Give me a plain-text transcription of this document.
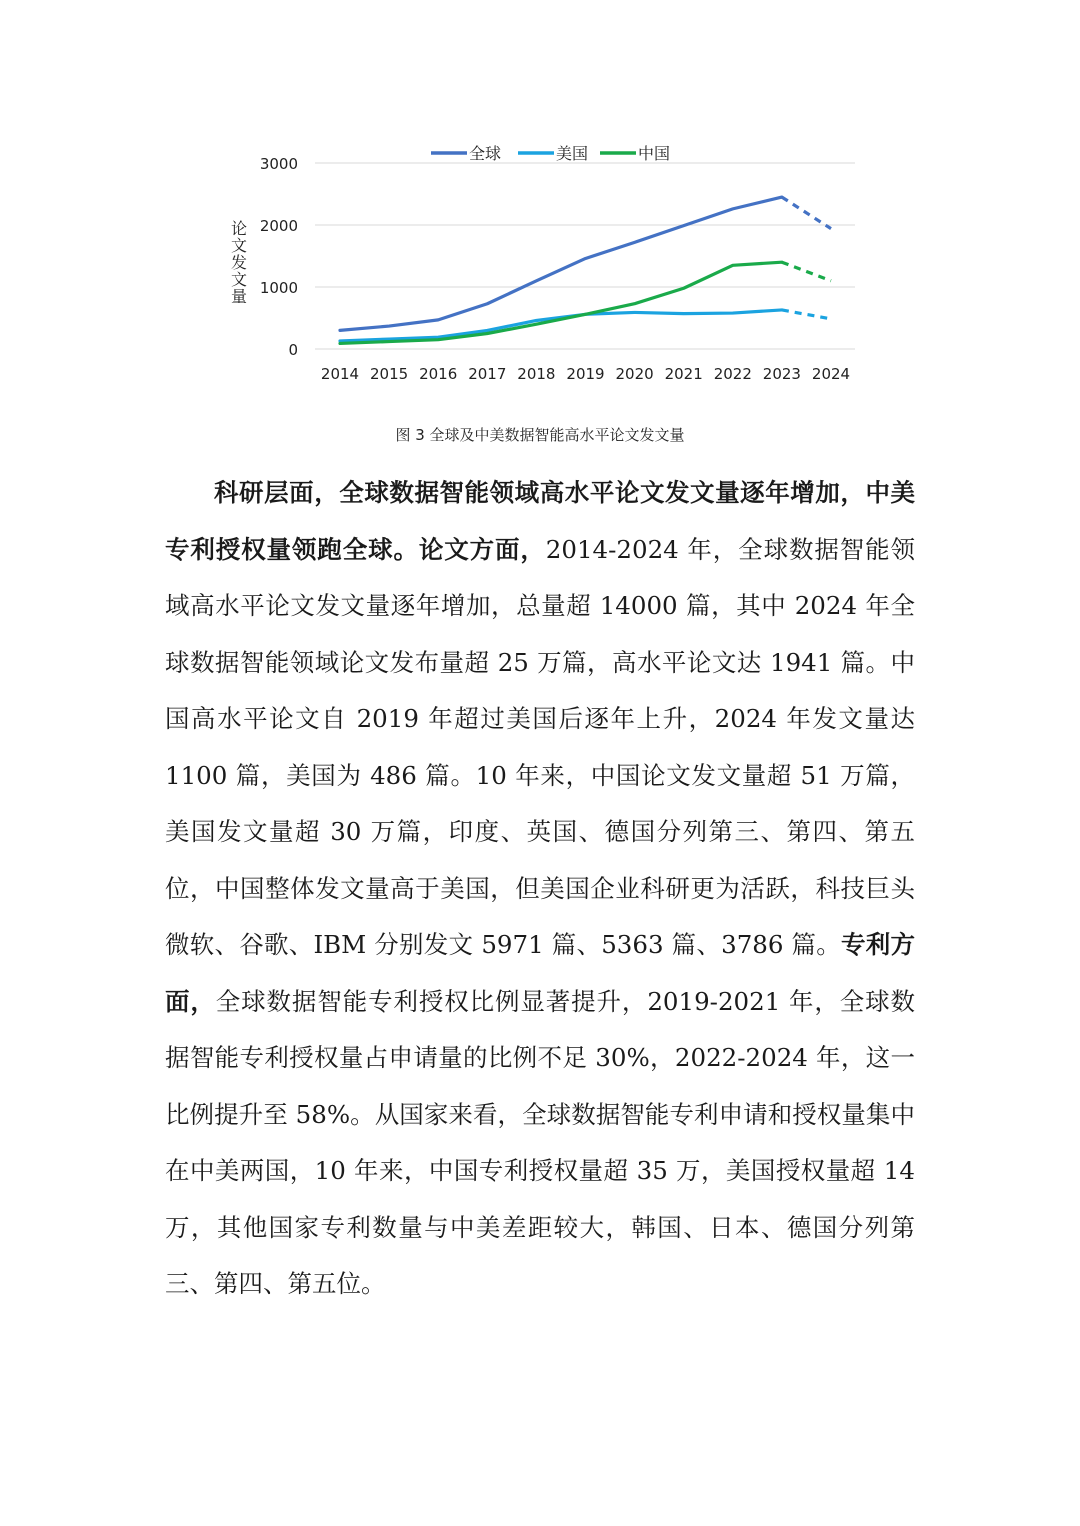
全球	美国	中国
0
1000
2000
3000
论文发文量
2014 2015 2016 2017 2018 2019 2020 2021 2022 2023 2024
图 3 全球及中美数据智能高水平论文发文量
科研层面，全球数据智能领域高水平论文发文量逐年增加，中美专利授权量领跑全球。论文方面，2014-2024 年，全球数据智能领域高水平论文发文量逐年增加，总量超 14000 篇，其中 2024 年全球数据智能领域论文发布量超 25 万篇，高水平论文达 1941 篇。中国高水平论文自 2019 年超过美国后逐年上升，2024 年发文量达 1100 篇，美国为 486 篇。10 年来，中国论文发文量超 51 万篇，美国发文量超 30 万篇，印度、英国、德国分列第三、第四、第五位，中国整体发文量高于美国，但美国企业科研更为活跃，科技巨头微软、谷歌、IBM 分别发文 5971 篇、5363 篇、3786 篇。专利方面，全球数据智能专利授权比例显著提升，2019-2021 年，全球数据智能专利授权量占申请量的比例不足 30%，2022-2024 年，这一比例提升至 58%。从国家来看，全球数据智能专利申请和授权量集中在中美两国，10 年来，中国专利授权量超 35 万，美国授权量超 14 万，其他国家专利数量与中美差距较大，韩国、日本、德国分列第三、第四、第五位。
